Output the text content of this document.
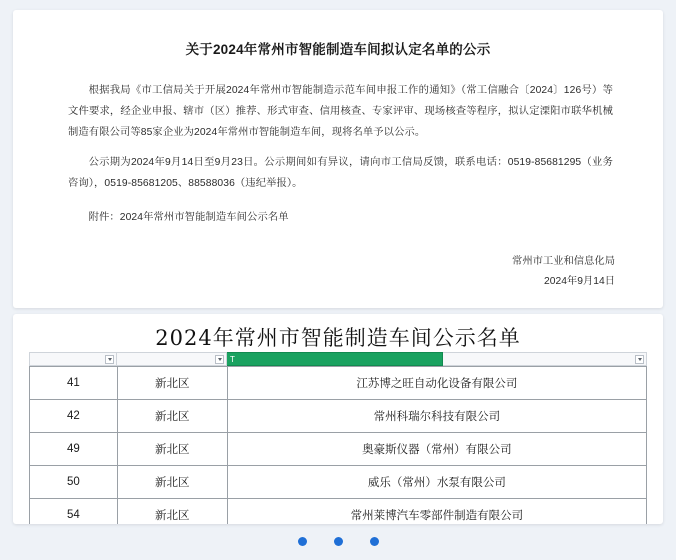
关于2024年常州市智能制造车间拟认定名单的公示

根据我局《市工信局关于开展2024年常州市智能制造示范车间申报工作的通知》（常工信融合〔2024〕126号）等文件要求，经企业申报、辖市（区）推荐、形式审查、信用核查、专家评审、现场核查等程序，拟认定溧阳市联华机械制造有限公司等85家企业为2024年常州市智能制造车间，现将名单予以公示。

公示期为2024年9月14日至9月23日。公示期间如有异议，请向市工信局反馈，联系电话：0519-85681295（业务咨询），0519-85681205、88588036（违纪举报）。

附件：2024年常州市智能制造车间公示名单

常州市工业和信息化局
2024年9月14日
2024年常州市智能制造车间公示名单
T
41	新北区	江苏博之旺自动化设备有限公司
42	新北区	常州科瑞尔科技有限公司
49	新北区	奥豪斯仪器（常州）有限公司
50	新北区	威乐（常州）水泵有限公司
54	新北区	常州莱博汽车零部件制造有限公司
